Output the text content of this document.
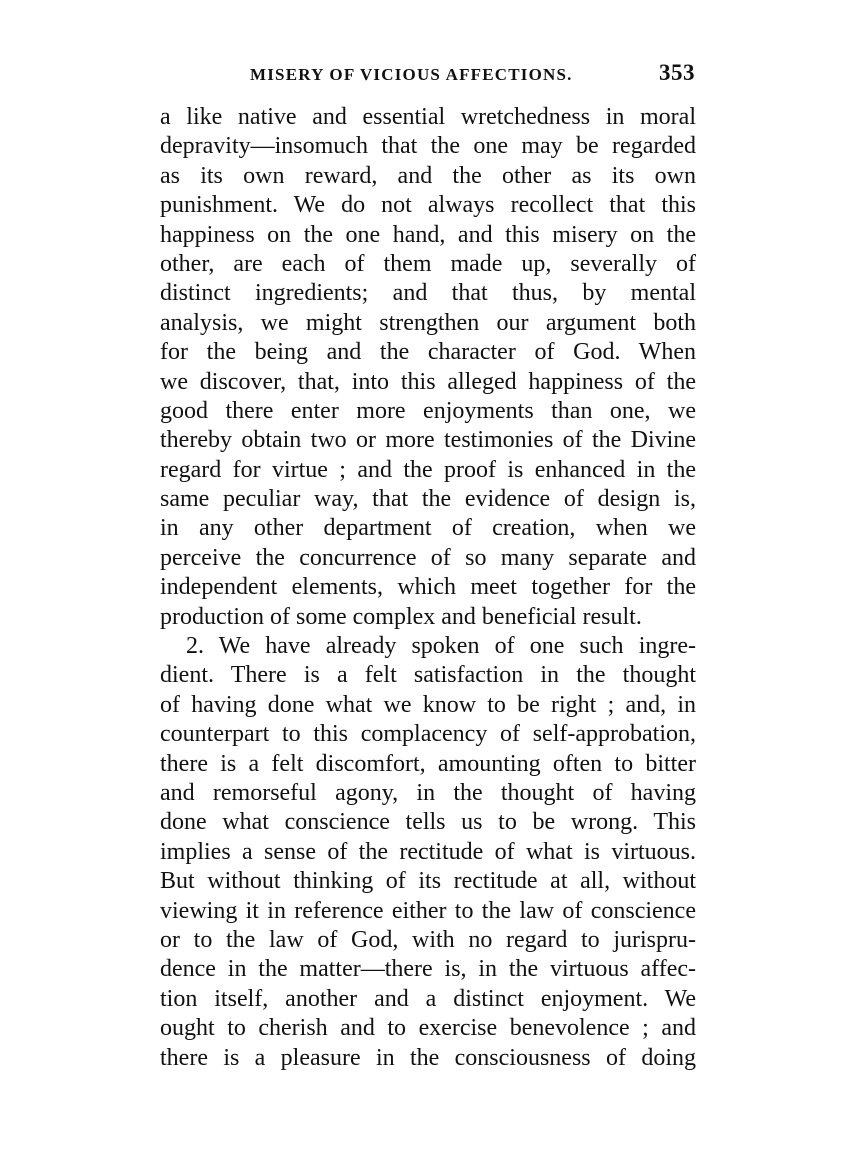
MISERY OF VICIOUS AFFECTIONS.	353
a like native and essential wretchedness in moral
depravity—insomuch that the one may be regarded
as its own reward, and the other as its own
punishment. We do not always recollect that this
happiness on the one hand, and this misery on the
other, are each of them made up, severally of
distinct ingredients; and that thus, by mental
analysis, we might strengthen our argument both
for the being and the character of God. When
we discover, that, into this alleged happiness of the
good there enter more enjoyments than one, we
thereby obtain two or more testimonies of the Divine
regard for virtue ; and the proof is enhanced in the
same peculiar way, that the evidence of design is,
in any other department of creation, when we
perceive the concurrence of so many separate and
independent elements, which meet together for the
production of some complex and beneficial result.
2. We have already spoken of one such ingre-
dient. There is a felt satisfaction in the thought
of having done what we know to be right ; and, in
counterpart to this complacency of self-approbation,
there is a felt discomfort, amounting often to bitter
and remorseful agony, in the thought of having
done what conscience tells us to be wrong. This
implies a sense of the rectitude of what is virtuous.
But without thinking of its rectitude at all, without
viewing it in reference either to the law of conscience
or to the law of God, with no regard to jurispru-
dence in the matter—there is, in the virtuous affec-
tion itself, another and a distinct enjoyment. We
ought to cherish and to exercise benevolence ; and
there is a pleasure in the consciousness of doing
